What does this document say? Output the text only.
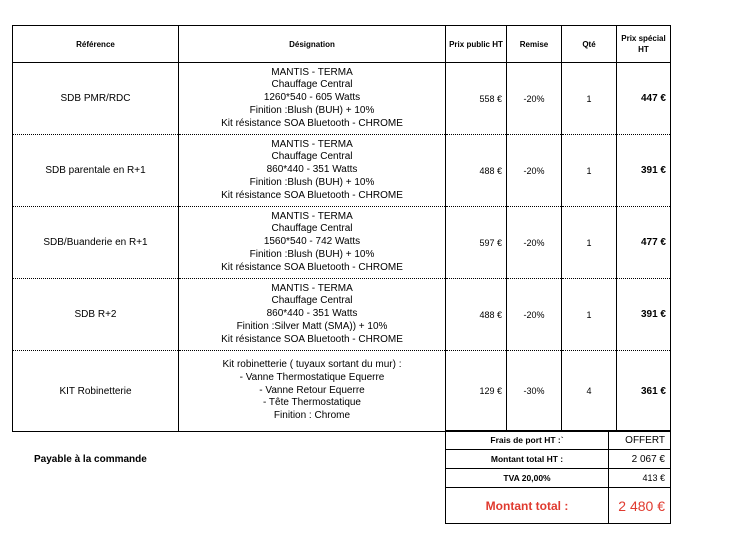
Référence	Désignation	Prix public HT	Remise	Qté	Prix spécial
HT
SDB PMR/RDC	MANTIS - TERMA
Chauffage Central
1260*540 - 605 Watts
Finition :Blush (BUH) + 10%
Kit résistance SOA Bluetooth - CHROME	558 €	-20%	1	447 €
SDB parentale en R+1	MANTIS - TERMA
Chauffage Central
860*440 - 351 Watts
Finition :Blush (BUH) + 10%
Kit résistance SOA Bluetooth - CHROME	488 €	-20%	1	391 €
SDB/Buanderie en R+1	MANTIS - TERMA
Chauffage Central
1560*540 - 742 Watts
Finition :Blush (BUH) + 10%
Kit résistance SOA Bluetooth - CHROME	597 €	-20%	1	477 €
SDB R+2	MANTIS - TERMA
Chauffage Central
860*440 - 351 Watts
Finition :Silver Matt (SMA)) + 10%
Kit résistance SOA Bluetooth - CHROME	488 €	-20%	1	391 €
KIT Robinetterie	Kit robinetterie ( tuyaux sortant du mur) :
- Vanne Thermostatique Equerre
- Vanne Retour Equerre
- Tête Thermostatique
Finition : Chrome	129 €	-30%	4	361 €
Payable à la commande
Frais de port HT :`	OFFERT
Montant total HT :	2 067 €
TVA 20,00%	413 €
Montant total :	2 480 €
